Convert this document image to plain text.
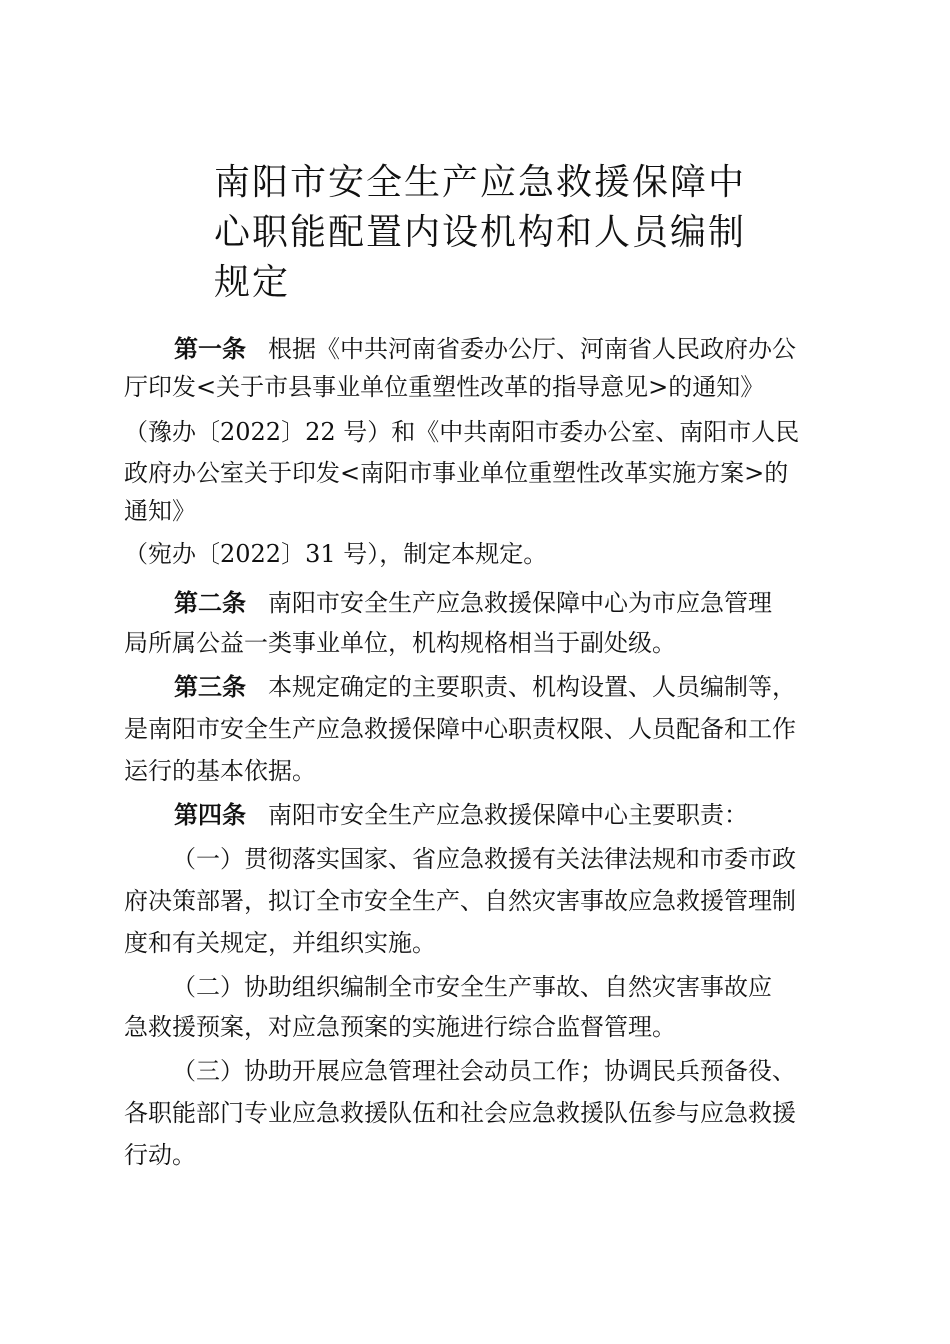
南阳市安全生产应急救援保障中
心职能配置内设机构和人员编制
规定
第一条 根据《中共河南省委办公厅、河南省人民政府办公
厅印发<关于市县事业单位重塑性改革的指导意见>的通知》
（豫办〔2022〕22 号）和《中共南阳市委办公室、南阳市人民
政府办公室关于印发<南阳市事业单位重塑性改革实施方案>的
通知》
（宛办〔2022〕31 号），制定本规定。
第二条 南阳市安全生产应急救援保障中心为市应急管理
局所属公益一类事业单位，机构规格相当于副处级。
第三条 本规定确定的主要职责、机构设置、人员编制等，
是南阳市安全生产应急救援保障中心职责权限、人员配备和工作
运行的基本依据。
第四条 南阳市安全生产应急救援保障中心主要职责：
（一）贯彻落实国家、省应急救援有关法律法规和市委市政
府决策部署，拟订全市安全生产、自然灾害事故应急救援管理制
度和有关规定，并组织实施。
（二）协助组织编制全市安全生产事故、自然灾害事故应
急救援预案，对应急预案的实施进行综合监督管理。
（三）协助开展应急管理社会动员工作；协调民兵预备役、
各职能部门专业应急救援队伍和社会应急救援队伍参与应急救援
行动。
